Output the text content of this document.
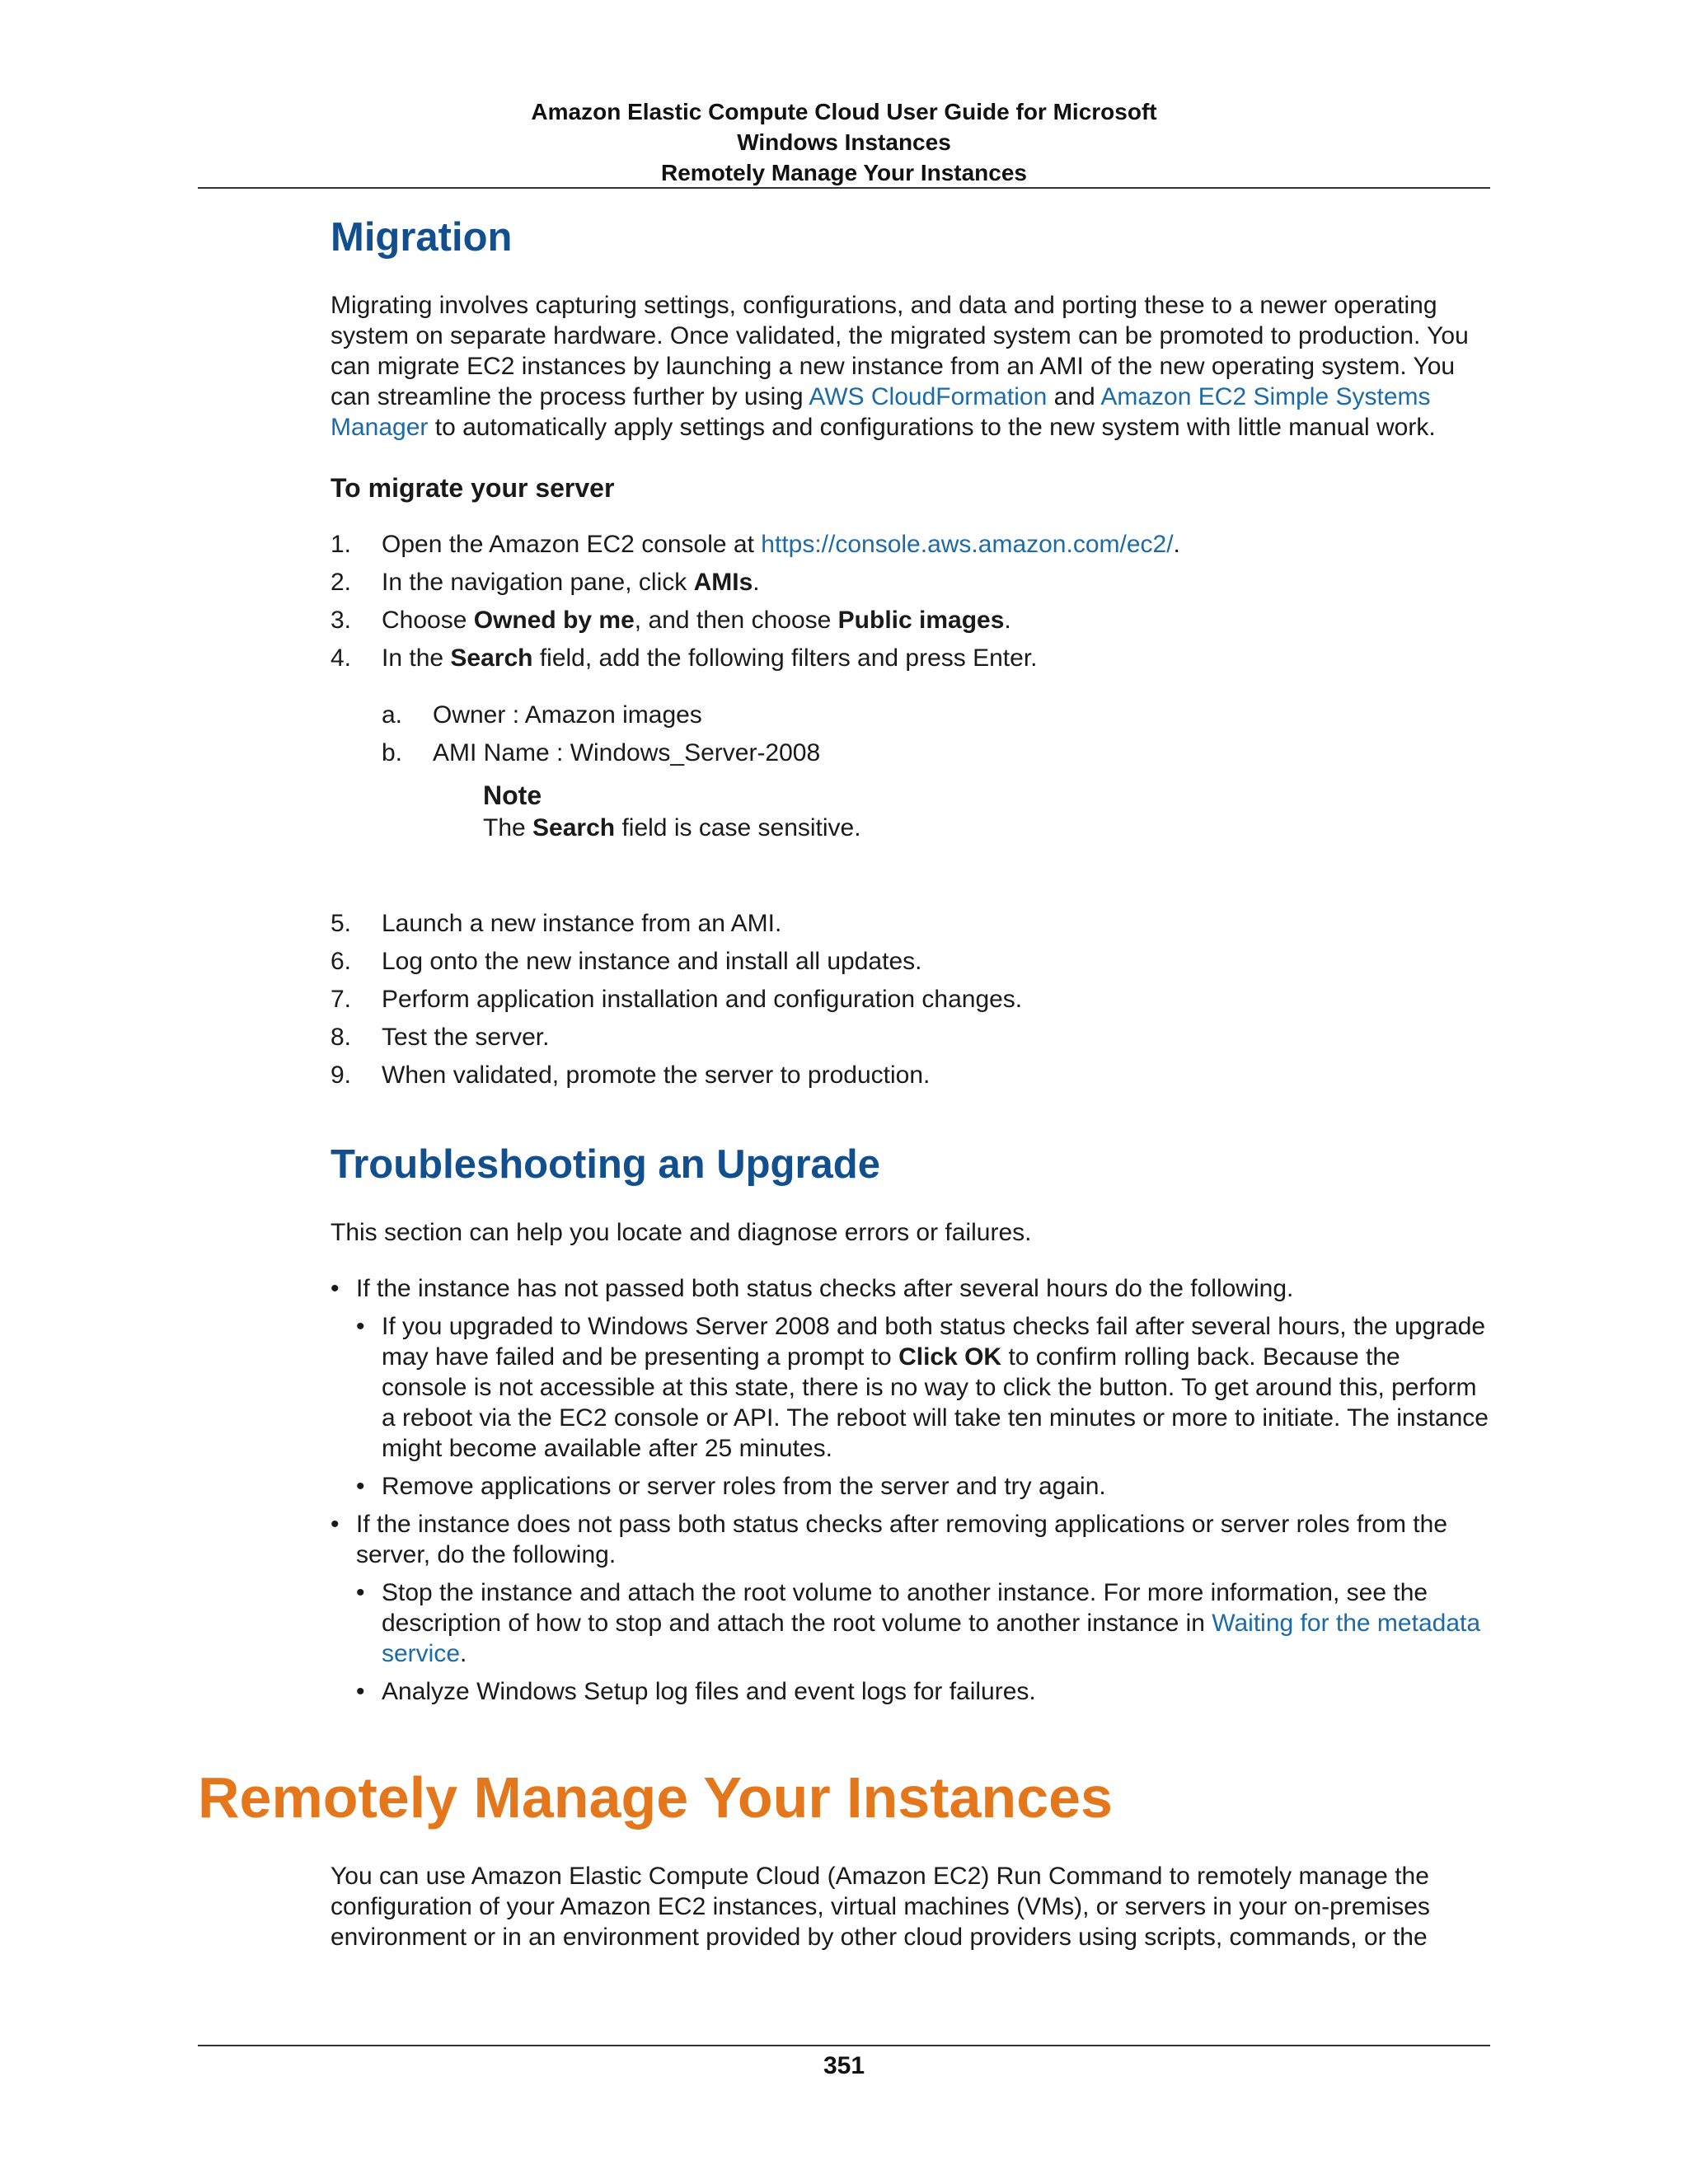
Amazon Elastic Compute Cloud User Guide for Microsoft
Windows Instances
Remotely Manage Your Instances
Migration

Migrating involves capturing settings, configurations, and data and porting these to a newer operating system on separate hardware. Once validated, the migrated system can be promoted to production. You can migrate EC2 instances by launching a new instance from an AMI of the new operating system. You can streamline the process further by using AWS CloudFormation and Amazon EC2 Simple Systems Manager to automatically apply settings and configurations to the new system with little manual work.

To migrate your server
1.	Open the Amazon EC2 console at https://console.aws.amazon.com/ec2/.
2.	In the navigation pane, click AMIs.
3.	Choose Owned by me, and then choose Public images.
4.	In the Search field, add the following filters and press Enter.
a. Owner : Amazon images
b. AMI Name : Windows_Server-2008
Note
The Search field is case sensitive.
5.	Launch a new instance from an AMI.
6.	Log onto the new instance and install all updates.
7.	Perform application installation and configuration changes.
8.	Test the server.
9.	When validated, promote the server to production.
Troubleshooting an Upgrade

This section can help you locate and diagnose errors or failures.

• If the instance has not passed both status checks after several hours do the following.
• If you upgraded to Windows Server 2008 and both status checks fail after several hours, the upgrade may have failed and be presenting a prompt to Click OK to confirm rolling back. Because the console is not accessible at this state, there is no way to click the button. To get around this, perform a reboot via the EC2 console or API. The reboot will take ten minutes or more to initiate. The instance might become available after 25 minutes.
• Remove applications or server roles from the server and try again.
• If the instance does not pass both status checks after removing applications or server roles from the server, do the following.
• Stop the instance and attach the root volume to another instance. For more information, see the description of how to stop and attach the root volume to another instance in Waiting for the metadata service.
• Analyze Windows Setup log files and event logs for failures.
Remotely Manage Your Instances

You can use Amazon Elastic Compute Cloud (Amazon EC2) Run Command to remotely manage the configuration of your Amazon EC2 instances, virtual machines (VMs), or servers in your on-premises environment or in an environment provided by other cloud providers using scripts, commands, or the

351
